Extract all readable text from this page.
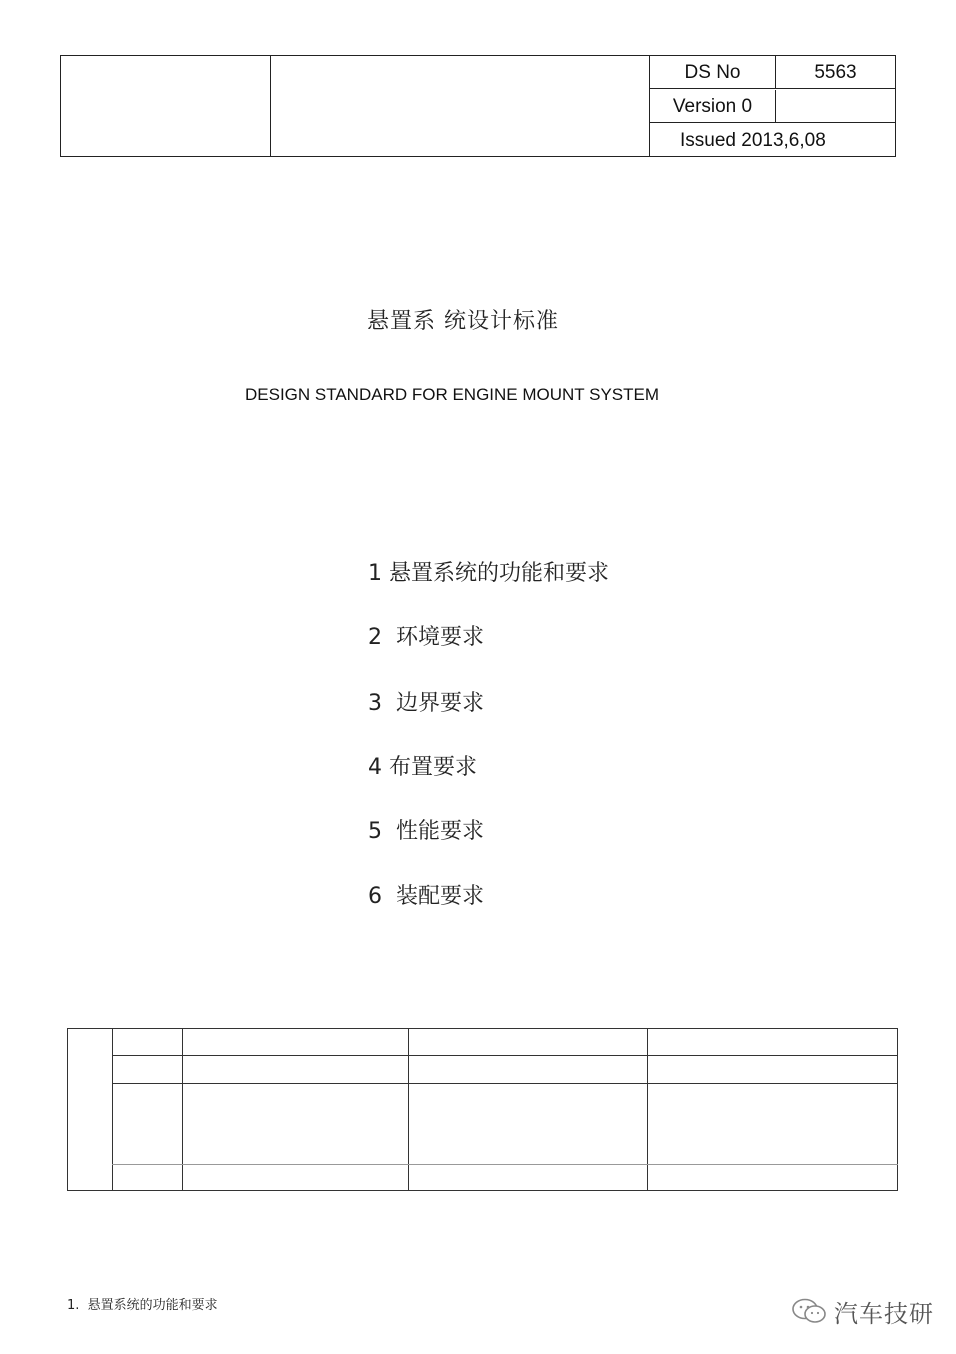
DS No	5563
Version 0
Issued 2013,6,08
悬置系 统设计标准
DESIGN STANDARD FOR ENGINE MOUNT SYSTEM
1 悬置系统的功能和要求
2  环境要求
3  边界要求
4 布置要求
5  性能要求
6  装配要求
1.  悬置系统的功能和要求	汽车技研
